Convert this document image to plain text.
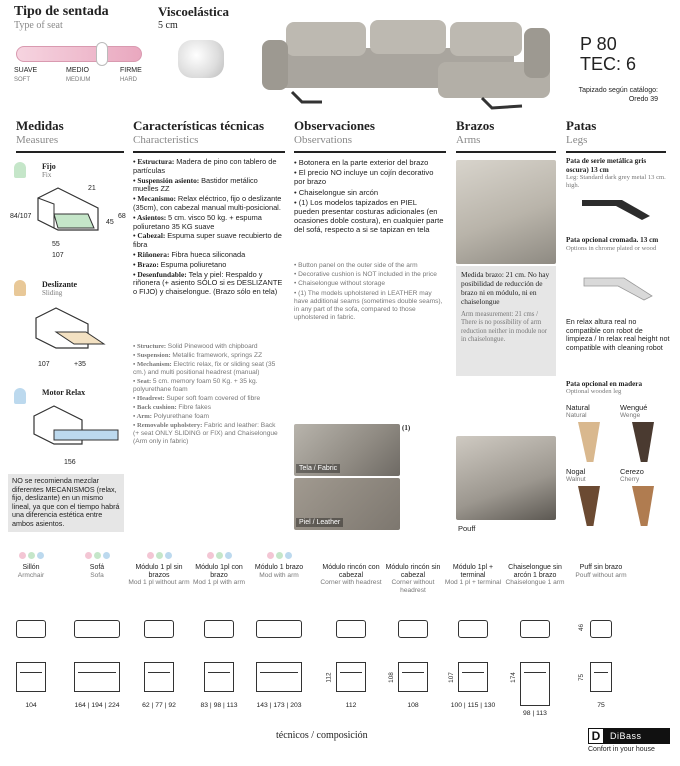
Tipo de sentada
Type of seat
SUAVE
SOFT
MEDIO
MEDIUM
FIRME
HARD
Viscoelástica
5 cm
P 80
TEC: 6
Tapizado según catálogo:
Oredo 39
Medidas
Measures
Características técnicas
Characteristics
Observaciones
Observations
Brazos
Arms
Patas
Legs
Fijo
Fix
21
84/107
45
68
55
107
Deslizante
Sliding
107	+35
Motor Relax
156
NO se recomienda mezclar diferentes MECANISMOS (relax, fijo, deslizante) en un mismo lineal, ya que con el tiempo habrá una diferencia estética entre ambos asientos.

• Estructura: Madera de pino con tablero de partículas

• Suspensión asiento: Bastidor metálico muelles ZZ

• Mecanismo: Relax eléctrico, fijo o deslizante (35cm), con cabezal manual multi-posicional.

• Asientos: 5 cm. visco 50 kg. + espuma poliuretano 35 KG suave

• Cabezal: Espuma super suave recubierto de fibra

• Riñonera: Fibra hueca siliconada

• Brazo: Espuma poliuretano

• Desenfundable: Tela y piel: Respaldo y riñonera (+ asiento SÓLO si es DESLIZANTE o FIJO) y chaiselongue. (Brazo sólo en tela)

• Structure: Solid Pinewood with chipboard

• Suspension: Metallic framework, springs ZZ

• Mechanism: Electric relax, fix or sliding seat (35 cm.) and multi positional headrest (manual)

• Seat: 5 cm. memory foam 50 Kg. + 35 kg. polyurethane foam

• Headrest: Super soft foam covered of fibre

• Back cushion: Fibre fakes

• Arm: Polyurethane foam

• Removable upholstery: Fabric and leather: Back (+ seat ONLY SLIDING or FIX) and Chaiselongue (Arm only in fabric)

• Botonera en la parte exterior del brazo
• El precio NO incluye un cojín decorativo por brazo
• Chaiselongue sin arcón
• (1) Los modelos tapizados en PIEL pueden presentar costuras adicionales (en ocasiones doble costura), en cualquier parte del sofá, respecto a si se tapizan en tela
• Button panel on the outer side of the arm
• Decorative cushion is NOT included in the price
• Chaiselongue without storage
• (1) The models upholstered in LEATHER may have additional seams (sometimes double seams), in any part of the sofa, compared to those upholstered in fabric.
Tela / Fabric
(1)
Piel / Leather
Medida brazo: 21 cm. No hay posibilidad de reducción de brazo ni en módulo, ni en chaiselongue
Arm measurement: 21 cms / There is no possibility of arm reduction neither in module nor in chaiselongue.
Pouff
Pata de serie metálica gris oscura) 13 cm
Leg: Standard dark grey metal 13 cm. high.
Pata opcional cromada. 13 cm
Options in chrome plated or wood
En relax altura real no compatible con robot de limpieza / In relax real height not compatible with cleaning robot
Pata opcional en madera
Optional wooden leg
Natural
Natural
Wengué
Wenge
Nogal
Walnut
Cerezo
Cherry
Sillón
Armchair
104
Sofá
Sofa
164 | 194 | 224
Módulo 1 pl sin brazos
Mod 1 pl without arm
62 | 77 | 92
Módulo 1pl con brazo
Mod 1 pl with arm
83 | 98 | 113
Módulo 1 brazo
Mod with arm
143 | 173 | 203
Módulo rincón con cabezal
Corner with headrest
112
112
Módulo rincón sin cabezal
Corner without headrest
108
108
Módulo 1pl + terminal
Mod 1 pl + terminal
100 | 115 | 130
107
Chaiselongue sin arcón 1 brazo
Chaiselongue 1 arm
98 | 113
174
Puff sin brazo
Pouff without arm
75
75
46
técnicos / composición	D	DiBass
Confort in your house
